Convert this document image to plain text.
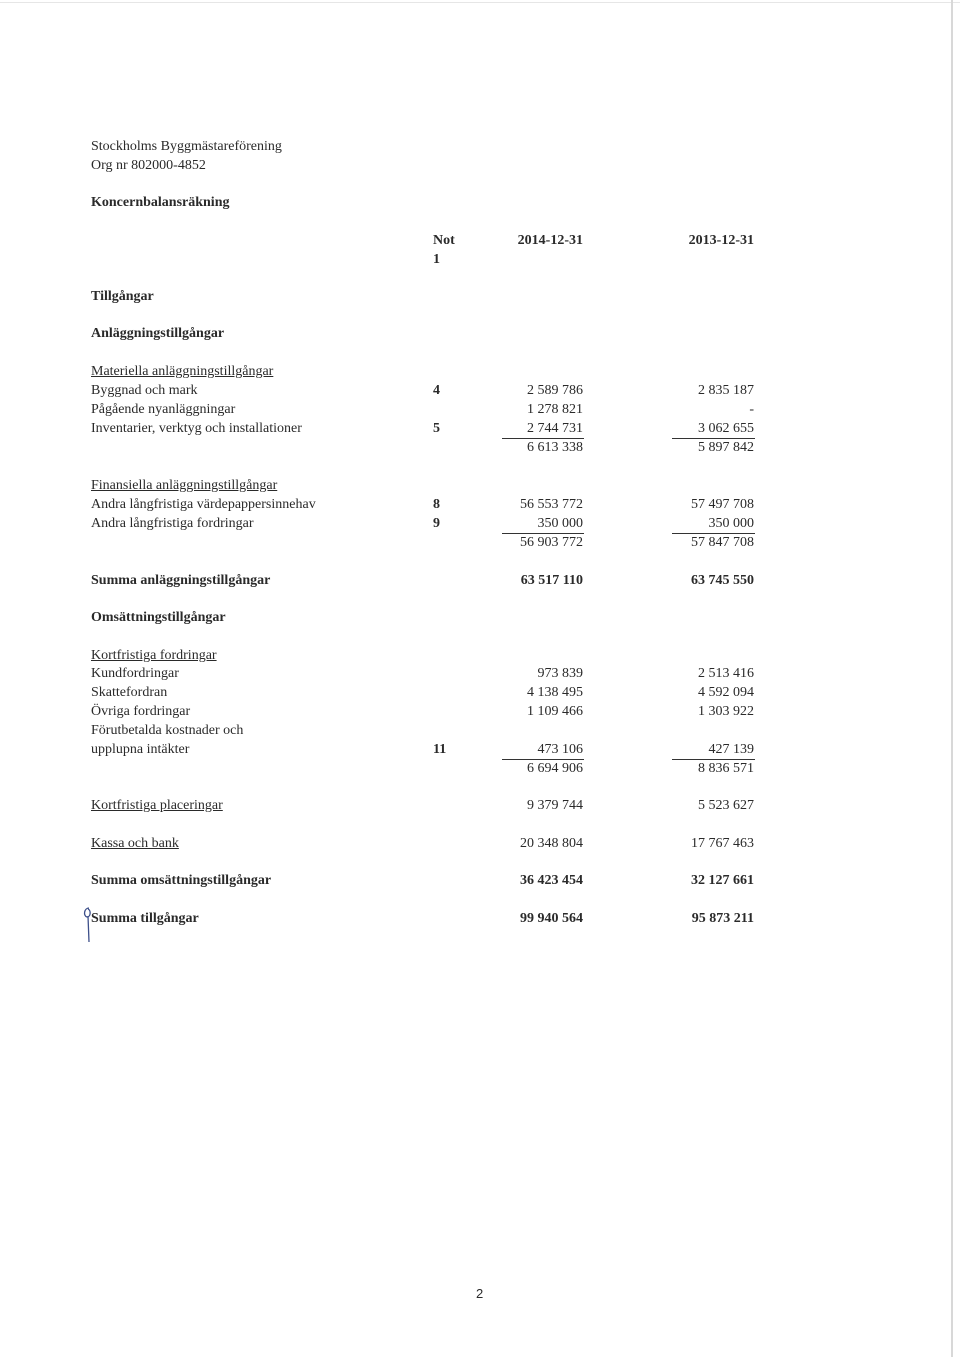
Stockholms Byggmästareförening
Org nr 802000-4852
Koncernbalansräkning
Not
1
2014-12-31	2013-12-31
Tillgångar
Anläggningstillgångar
Materiella anläggningstillgångar
Byggnad och mark	4	2 589 786	2 835 187
Pågående nyanläggningar	1 278 821	-
Inventarier, verktyg och installationer	5	2 744 731	3 062 655
6 613 338	5 897 842
Finansiella anläggningstillgångar
Andra långfristiga värdepappersinnehav	8	56 553 772	57 497 708
Andra långfristiga fordringar	9	350 000	350 000
56 903 772	57 847 708
Summa anläggningstillgångar	63 517 110	63 745 550
Omsättningstillgångar
Kortfristiga fordringar
Kundfordringar	973 839	2 513 416
Skattefordran	4 138 495	4 592 094
Övriga fordringar	1 109 466	1 303 922
Förutbetalda kostnader och
upplupna intäkter	11	473 106	427 139
6 694 906	8 836 571
Kortfristiga placeringar	9 379 744	5 523 627
Kassa och bank	20 348 804	17 767 463
Summa omsättningstillgångar	36 423 454	32 127 661
Summa tillgångar	99 940 564	95 873 211
2
